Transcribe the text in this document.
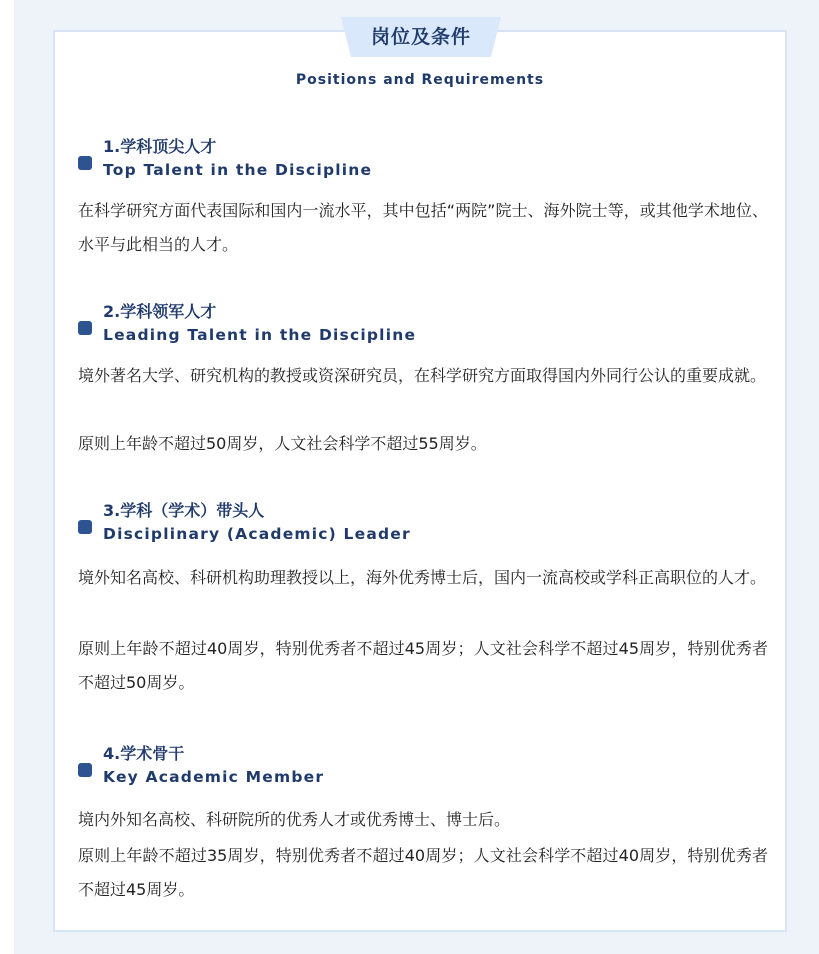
岗位及条件
Positions and Requirements
1.学科顶尖人才
Top Talent in the Discipline
在科学研究方面代表国际和国内一流水平，其中包括“两院”院士、海外院士等，或其他学术地位、水平与此相当的人才。
2.学科领军人才
Leading Talent in the Discipline
境外著名大学、研究机构的教授或资深研究员，在科学研究方面取得国内外同行公认的重要成就。
原则上年龄不超过50周岁，人文社会科学不超过55周岁。
3.学科（学术）带头人
Disciplinary (Academic) Leader
境外知名高校、科研机构助理教授以上，海外优秀博士后，国内一流高校或学科正高职位的人才。
原则上年龄不超过40周岁，特别优秀者不超过45周岁；人文社会科学不超过45周岁，特别优秀者不超过50周岁。
4.学术骨干
Key Academic Member
境内外知名高校、科研院所的优秀人才或优秀博士、博士后。
原则上年龄不超过35周岁，特别优秀者不超过40周岁；人文社会科学不超过40周岁，特别优秀者不超过45周岁。
